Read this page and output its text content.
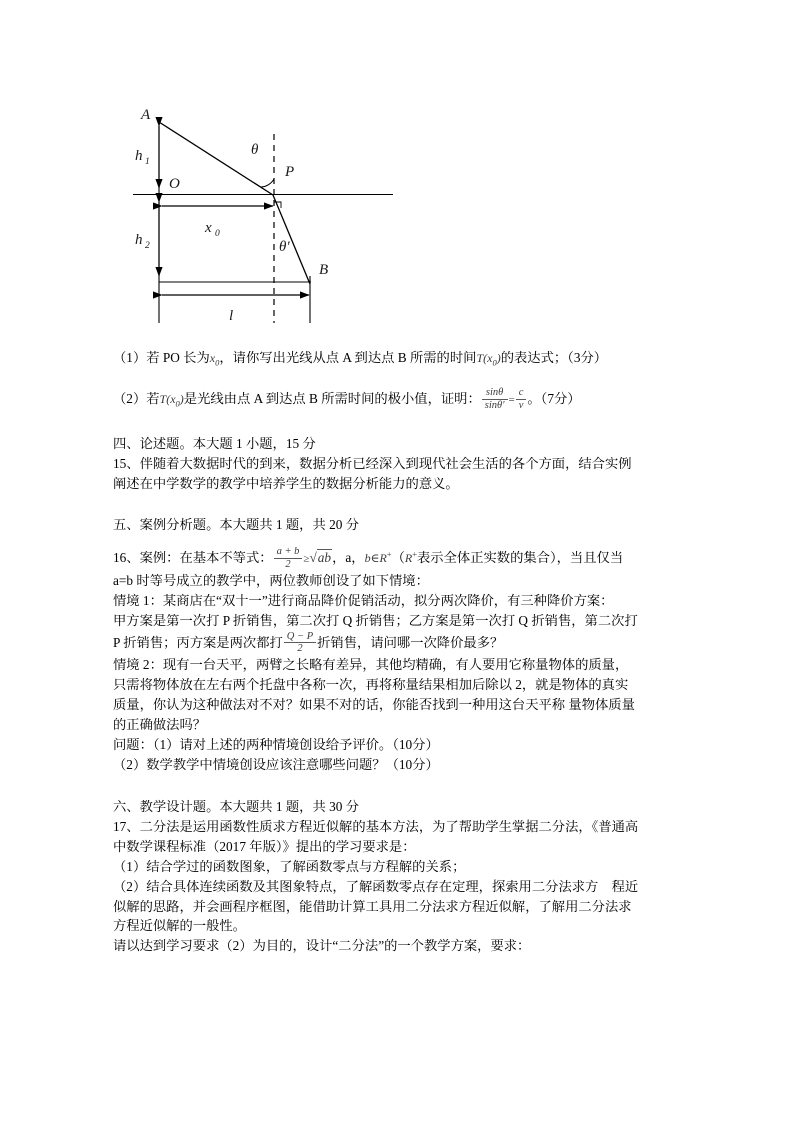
A
O
P
B
h 1
h 2
x 0
l
θ
θ′
（1）若 PO 长为$x_0$，请你写出光线从点 A 到达点 B 所需的时间$T(x_0)$的表达式；（3分）
（2）若$T(x_0)$是光线由点 A 到达点 B 所需时间的极小值，证明： $\frac{\sin\theta}{\sin\theta'} = \frac{c}{v}$ 。（7分）
四、论述题。本大题 1 小题，15 分
15、伴随着大数据时代的到来，数据分析已经深入到现代社会生活的各个方面，结合实例
阐述在中学数学的教学中培养学生的数据分析能力的意义。
五、案例分析题。本大题共 1 题，共 20 分
16、案例：在基本不等式： $\frac{a + b}{2} \ge√ab$，a，b∈R+（R+表示全体正实数的集合），当且仅当
a=b 时等号成立的教学中，两位教师创设了如下情境：
情境 1：某商店在“双十一”进行商品降价促销活动，拟分两次降价，有三种降价方案：
甲方案是第一次打 P 折销售，第二次打 Q 折销售；乙方案是第一次打 Q 折销售，第二次打
P 折销售；丙方案是两次都打 $\frac{Q - P}{2}$ 折销售，请问哪一次降价最多？
情境 2：现有一台天平，两臂之长略有差异，其他均精确，有人要用它称量物体的质量，
只需将物体放在左右两个托盘中各称一次，再将称量结果相加后除以 2，就是物体的真实
质量，你认为这种做法对不对？如果不对的话，你能否找到一种用这台天平称 量物体质量
的正确做法吗？
问题：（1）请对上述的两种情境创设给予评价。（10分）
（2）数学教学中情境创设应该注意哪些问题？（10分）
六、教学设计题。本大题共 1 题，共 30 分
17、二分法是运用函数性质求方程近似解的基本方法，为了帮助学生掌据二分法，《普通高
中数学课程标准（2017 年版）》提出的学习要求是：
（1）结合学过的函数图象，了解函数零点与方程解的关系；
（2）结合具体连续函数及其图象特点，了解函数零点存在定理，探索用二分法求方　程近
似解的思路，并会画程序框图，能借助计算工具用二分法求方程近似解，了解用二分法求
方程近似解的一般性。
请以达到学习要求（2）为目的，设计“二分法”的一个教学方案，要求：
